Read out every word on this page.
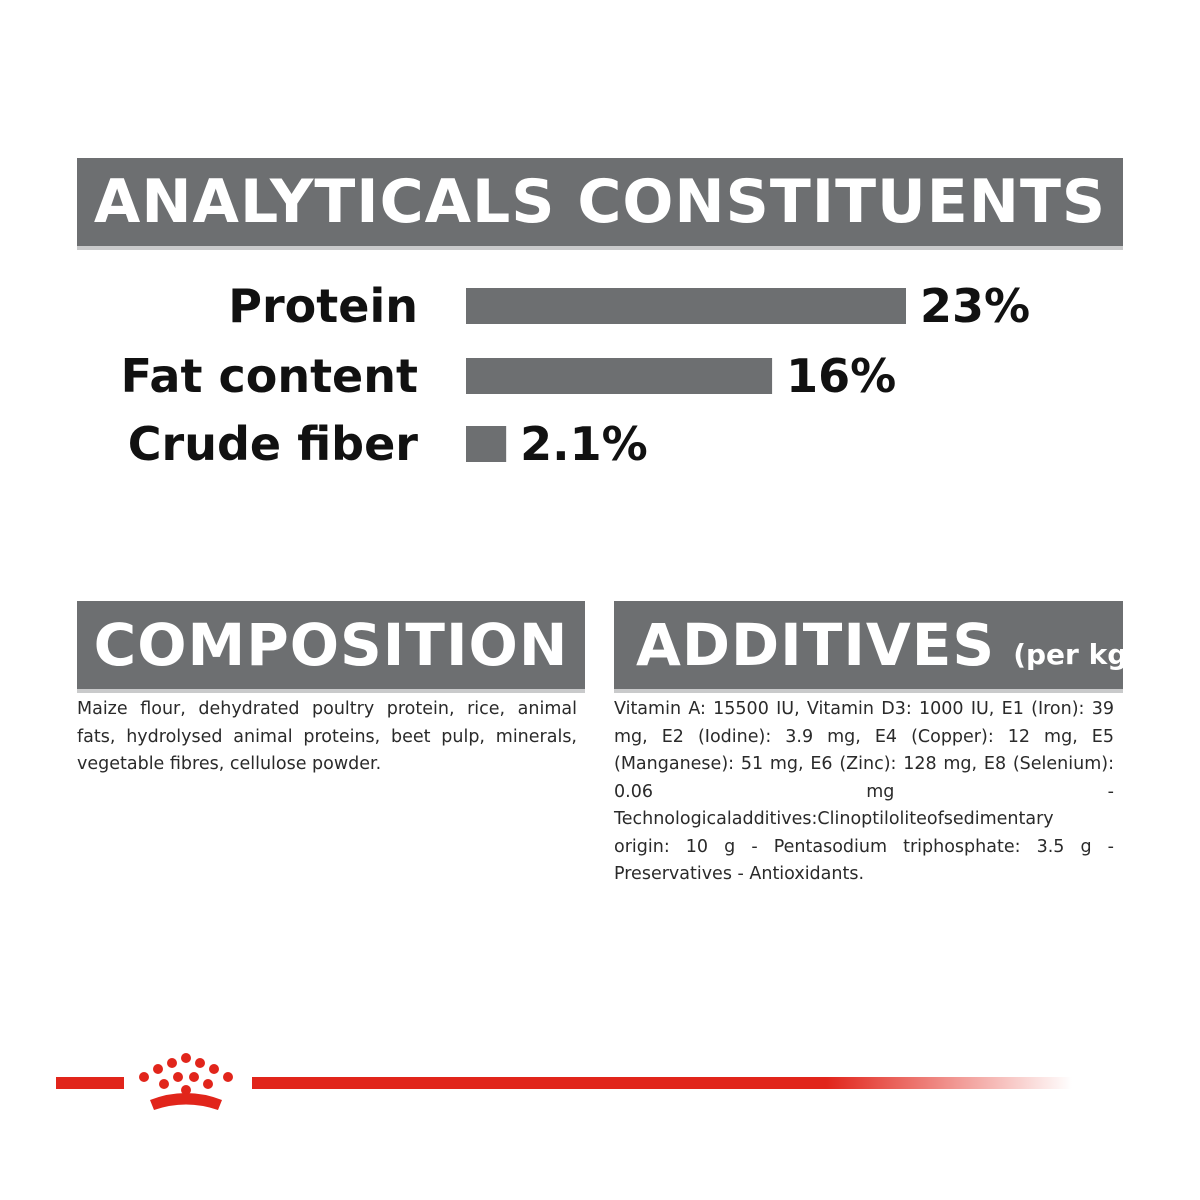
ANALYTICALS CONSTITUENTS
Protein	23%
Fat content	16%
Crude fiber 2.1%
COMPOSITION

Maize flour, dehydrated poultry protein, rice, animal fats, hydrolysed animal proteins, beet pulp, minerals, vegetable fibres, cellulose powder.

ADDITIVES (per kg)

Vitamin A: 15500 IU, Vitamin D3: 1000 IU, E1 (Iron): 39 mg, E2 (Iodine): 3.9 mg, E4 (Copper): 12 mg, E5 (Manganese): 51 mg, E6 (Zinc): 128 mg, E8 (Selenium): 0.06 mg - Technologicaladditives:Clinoptiloliteofsedimentary origin: 10 g - Pentasodium triphosphate: 3.5 g - Preservatives - Antioxidants.
